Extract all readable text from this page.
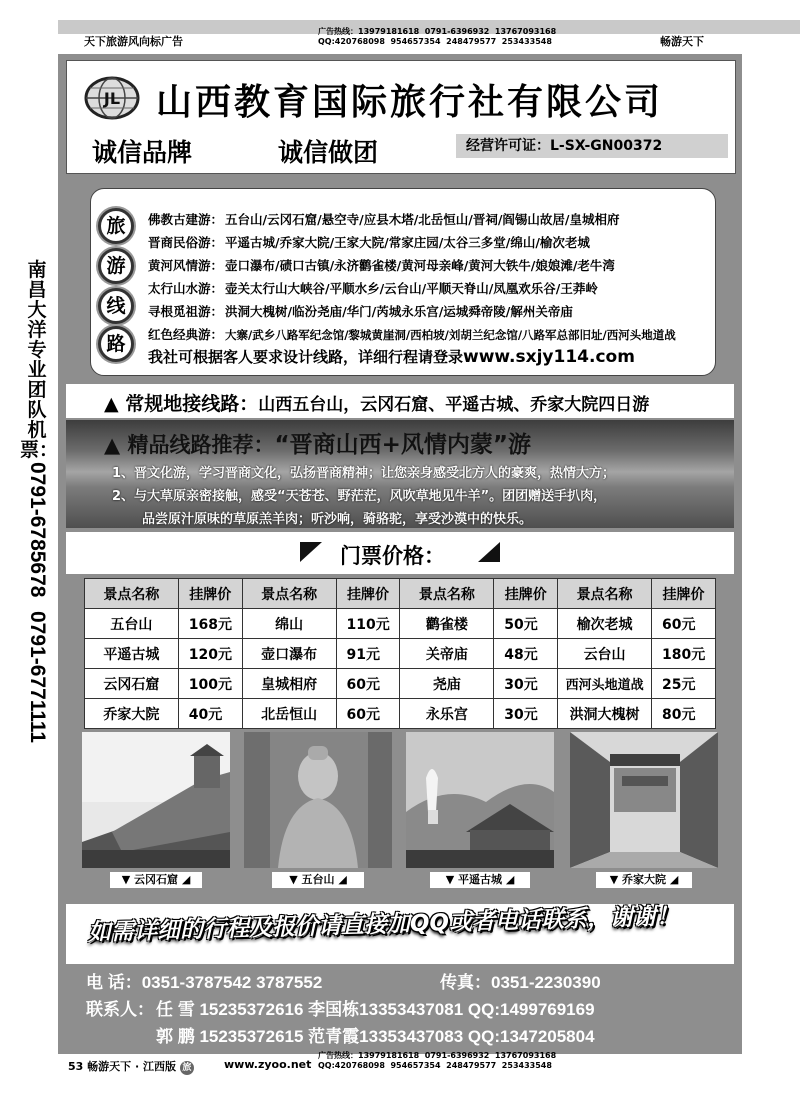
天下旅游风向标广告
广告热线：13979181618  0791-6396932  13767093168
QQ:420768098  954657354  248479577  253433548	畅游天下
南昌大洋专业团队机票：
0791-6785678
0791-6771111
JL 山西教育国际旅行社有限公司
诚信品牌	诚信做团	经营许可证：L-SX-GN00372
旅
游
线
路
佛教古建游： 五台山/云冈石窟/悬空寺/应县木塔/北岳恒山/晋祠/阎锡山故居/皇城相府
晋商民俗游： 平遥古城/乔家大院/王家大院/常家庄园/太谷三多堂/绵山/榆次老城
黄河风情游： 壶口瀑布/碛口古镇/永济鹳雀楼/黄河母亲峰/黄河大铁牛/娘娘滩/老牛湾
太行山水游： 壶关太行山大峡谷/平顺水乡/云台山/平顺天脊山/凤凰欢乐谷/王莽岭
寻根觅祖游： 洪洞大槐树/临汾尧庙/华门/芮城永乐宫/运城舜帝陵/解州关帝庙
红色经典游： 大寨/武乡八路军纪念馆/黎城黄崖洞/西柏坡/刘胡兰纪念馆/八路军总部旧址/西河头地道战
我社可根据客人要求设计线路，详细行程请登录www.sxjy114.com
▲ 常规地接线路：山西五台山，云冈石窟、平遥古城、乔家大院四日游
▲ 精品线路推荐：“晋商山西+风情内蒙”游
1、晋文化游，学习晋商文化，弘扬晋商精神；让您亲身感受北方人的豪爽，热情大方；
2、与大草原亲密接触，感受“天苍苍、野茫茫，风吹草地见牛羊”。团团赠送手扒肉，
品尝原汁原味的草原羔羊肉；听沙响，骑骆驼，享受沙漠中的快乐。
门票价格：
景点名称	挂牌价	景点名称	挂牌价	景点名称	挂牌价	景点名称	挂牌价
五台山	168元	绵山	110元	鹳雀楼	50元	榆次老城	60元
平遥古城	120元	壶口瀑布	91元	关帝庙	48元	云台山	180元
云冈石窟	100元	皇城相府	60元	尧庙	30元	西河头地道战	25元
乔家大院	40元	北岳恒山	60元	永乐宫	30元	洪洞大槐树	80元
▼ 云冈石窟 ◢	▼ 五台山 ◢	▼ 平遥古城 ◢	▼ 乔家大院 ◢
如需详细的行程及报价请直接加QQ或者电话联系，谢谢！
电 话：0351-3787542 3787552	传真：0351-2230390
联系人： 任 雪 15235372616 李国栋13353437081 QQ:1499769169
郭 鹏 15235372615 范青霞13353437083 QQ:1347205804
53 畅游天下 · 江西版 旅	www.zyoo.net
广告热线：13979181618  0791-6396932  13767093168
QQ:420768098  954657354  248479577  253433548
